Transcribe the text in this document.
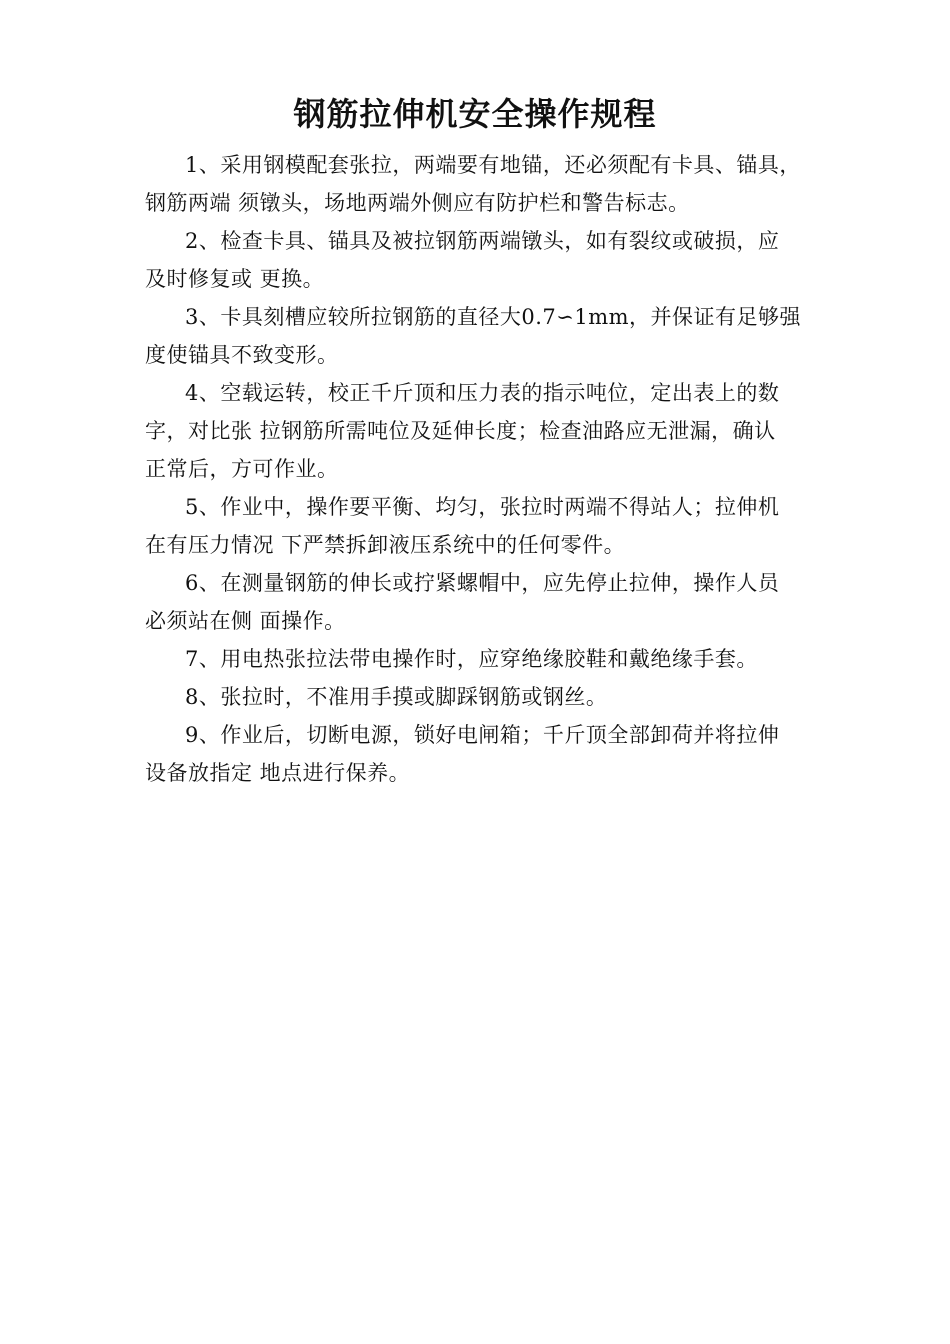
钢筋拉伸机安全操作规程

1、采用钢模配套张拉，两端要有地锚，还必须配有卡具、锚具，
钢筋两端 须镦头，场地两端外侧应有防护栏和警告标志。

2、检查卡具、锚具及被拉钢筋两端镦头，如有裂纹或破损，应
及时修复或 更换。

3、卡具刻槽应较所拉钢筋的直径大0.7∽1mm，并保证有足够强
度使锚具不致变形。

4、空载运转，校正千斤顶和压力表的指示吨位，定出表上的数
字，对比张 拉钢筋所需吨位及延伸长度；检查油路应无泄漏，确认
正常后，方可作业。

5、作业中，操作要平衡、均匀，张拉时两端不得站人；拉伸机
在有压力情况 下严禁拆卸液压系统中的任何零件。

6、在测量钢筋的伸长或拧紧螺帽中，应先停止拉伸，操作人员
必须站在侧 面操作。

7、用电热张拉法带电操作时，应穿绝缘胶鞋和戴绝缘手套。

8、张拉时，不准用手摸或脚踩钢筋或钢丝。

9、作业后，切断电源，锁好电闸箱；千斤顶全部卸荷并将拉伸
设备放指定 地点进行保养。
